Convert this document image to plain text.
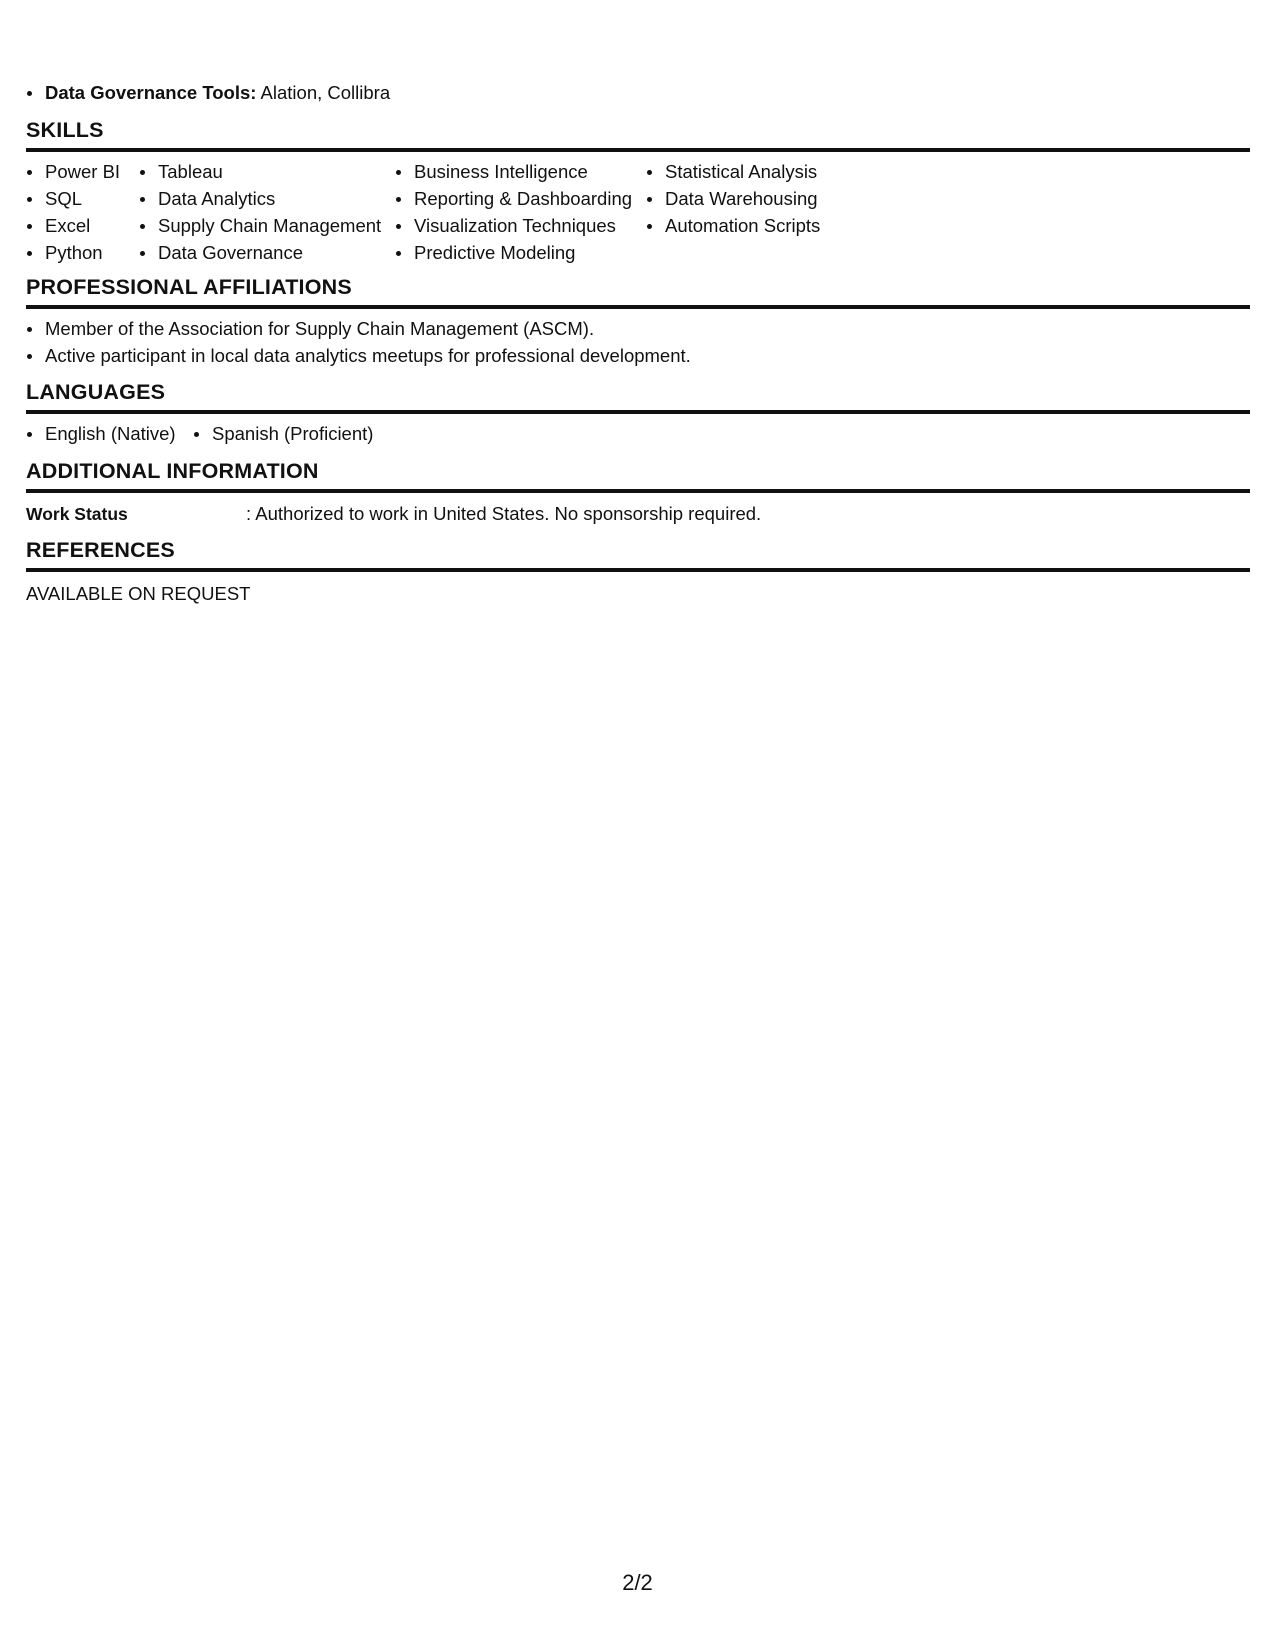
Data Governance Tools: Alation, Collibra
SKILLS
Power BI
SQL
Excel
Python
Tableau
Data Analytics
Supply Chain Management
Data Governance
Business Intelligence
Reporting & Dashboarding
Visualization Techniques
Predictive Modeling
Statistical Analysis
Data Warehousing
Automation Scripts
PROFESSIONAL AFFILIATIONS
Member of the Association for Supply Chain Management (ASCM).
Active participant in local data analytics meetups for professional development.
LANGUAGES
English (Native)	Spanish (Proficient)
ADDITIONAL INFORMATION
Work Status	: Authorized to work in United States. No sponsorship required.
REFERENCES
AVAILABLE ON REQUEST
2/2
